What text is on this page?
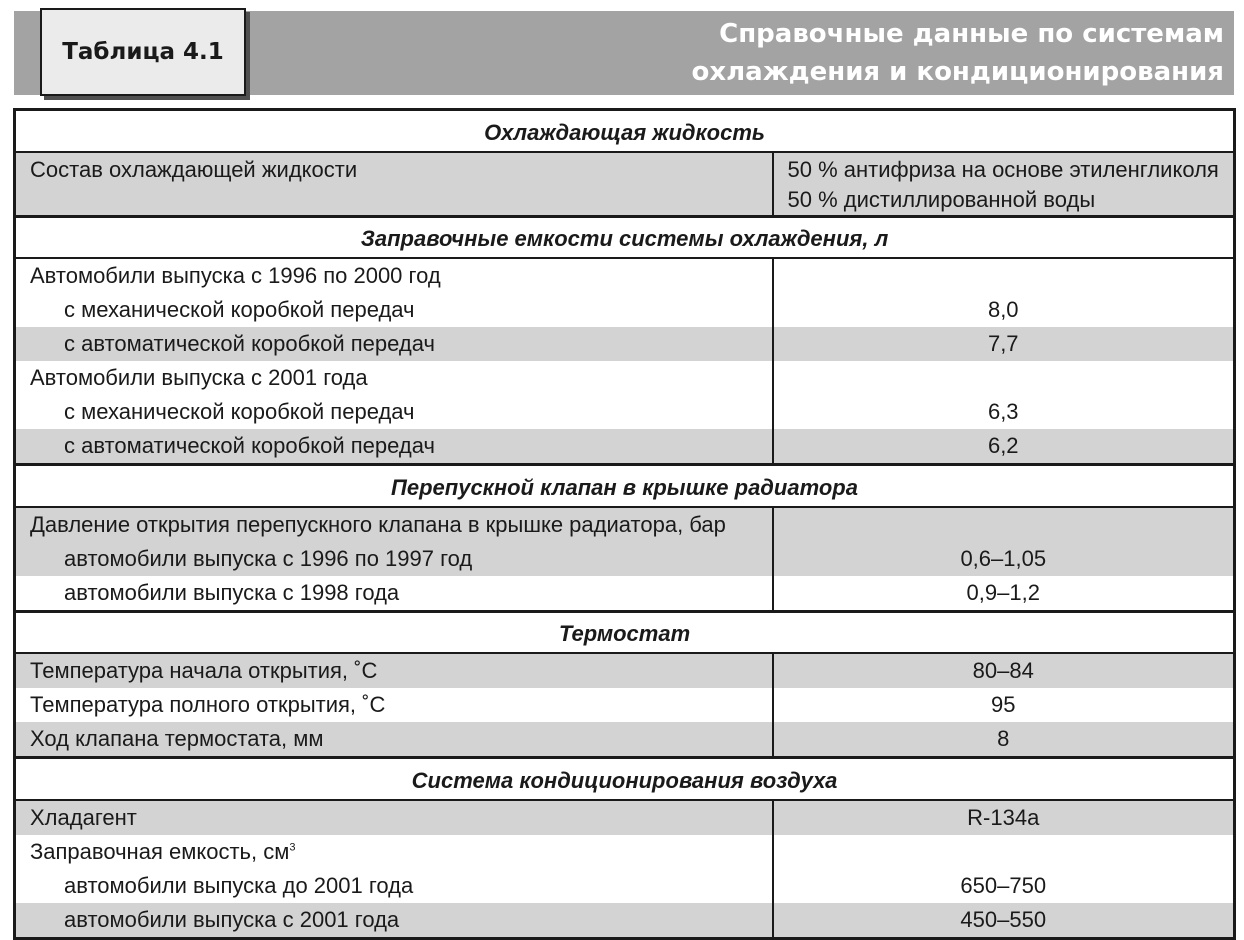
Таблица 4.1
Справочные данные по системам
охлаждения и кондиционирования
Охлаждающая жидкость	
Состав охлаждающей жидкости	50 % антифриза на основе этиленгликоля
50 % дистиллированной воды

Заправочные емкости системы охлаждения, л	
Автомобили выпуска с 1996 по 2000 год	
с механической коробкой передач	8,0
с автоматической коробкой передач	7,7
Автомобили выпуска с 2001 года	
с механической коробкой передач	6,3
с автоматической коробкой передач	6,2
Перепускной клапан в крышке радиатора	
Давление открытия перепускного клапана в крышке радиатора, бар	
автомобили выпуска с 1996 по 1997 год	0,6–1,05
автомобили выпуска с 1998 года	0,9–1,2
Термостат	
Температура начала открытия, ˚С	80–84
Температура полного открытия, ˚С	95
Ход клапана термостата, мм	8
Система кондиционирования воздуха	
Хладагент	R-134a
Заправочная емкость, $см^3$	
автомобили выпуска до 2001 года	650–750
автомобили выпуска с 2001 года	450–550
